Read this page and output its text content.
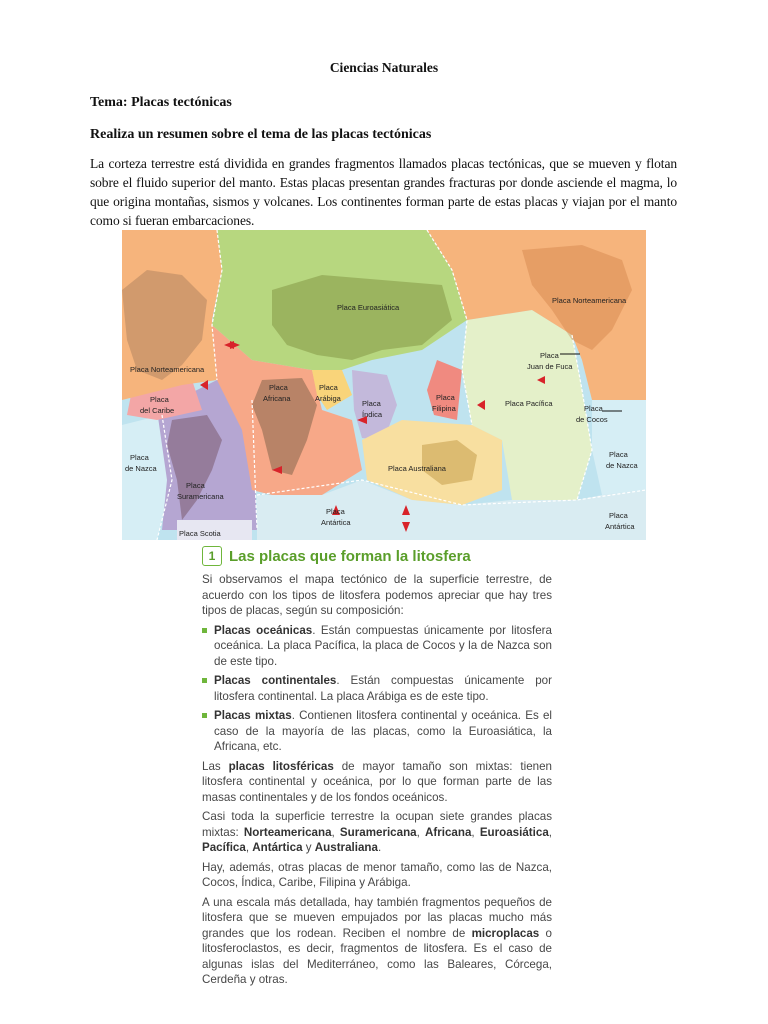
Ciencias Naturales
Tema: Placas tectónicas
Realiza un resumen sobre el tema de las placas tectónicas

La corteza terrestre está dividida en grandes fragmentos llamados placas tectónicas, que se mueven y flotan sobre el fluido superior del manto. Estas placas presentan grandes fracturas por donde asciende el magma, lo que origina montañas, sismos y volcanes. Los continentes forman parte de estas placas y viajan por el manto como si fueran embarcaciones.

Placa Euroasiática
Placa Norteamericana
Placa Norteamericana
Placa
Juan de Fuca
Placa
del Caribe
Placa
Africana
Placa
Arábiga
Placa
Índica
Placa
Filipina
Placa Pacífica
Placa
de Cocos
Placa
de Nazca
Placa
de Nazca
Placa
Suramericana
Placa Australiana
Placa
Antártica
Placa
Antártica
Placa Scotia
1 Las placas que forman la litosfera

Si observamos el mapa tectónico de la superficie terrestre, de acuerdo con los tipos de litosfera podemos apreciar que hay tres tipos de placas, según su composición:

Placas oceánicas. Están compuestas únicamente por litosfera oceánica. La placa Pacífica, la placa de Cocos y la de Nazca son de este tipo.

Placas continentales. Están compuestas únicamente por litosfera continental. La placa Arábiga es de este tipo.

Placas mixtas. Contienen litosfera continental y oceánica. Es el caso de la mayoría de las placas, como la Euroasiática, la Africana, etc.

Las placas litosféricas de mayor tamaño son mixtas: tienen litosfera continental y oceánica, por lo que forman parte de las masas continentales y de los fondos oceánicos.

Casi toda la superficie terrestre la ocupan siete grandes placas mixtas: Norteamericana, Suramericana, Africana, Euroasiática, Pacífica, Antártica y Australiana.

Hay, además, otras placas de menor tamaño, como las de Nazca, Cocos, Índica, Caribe, Filipina y Arábiga.

A una escala más detallada, hay también fragmentos pequeños de litosfera que se mueven empujados por las placas mucho más grandes que los rodean. Reciben el nombre de microplacas o litosferoclastos, es decir, fragmentos de litosfera. Es el caso de algunas islas del Mediterráneo, como las Baleares, Córcega, Cerdeña y otras.
